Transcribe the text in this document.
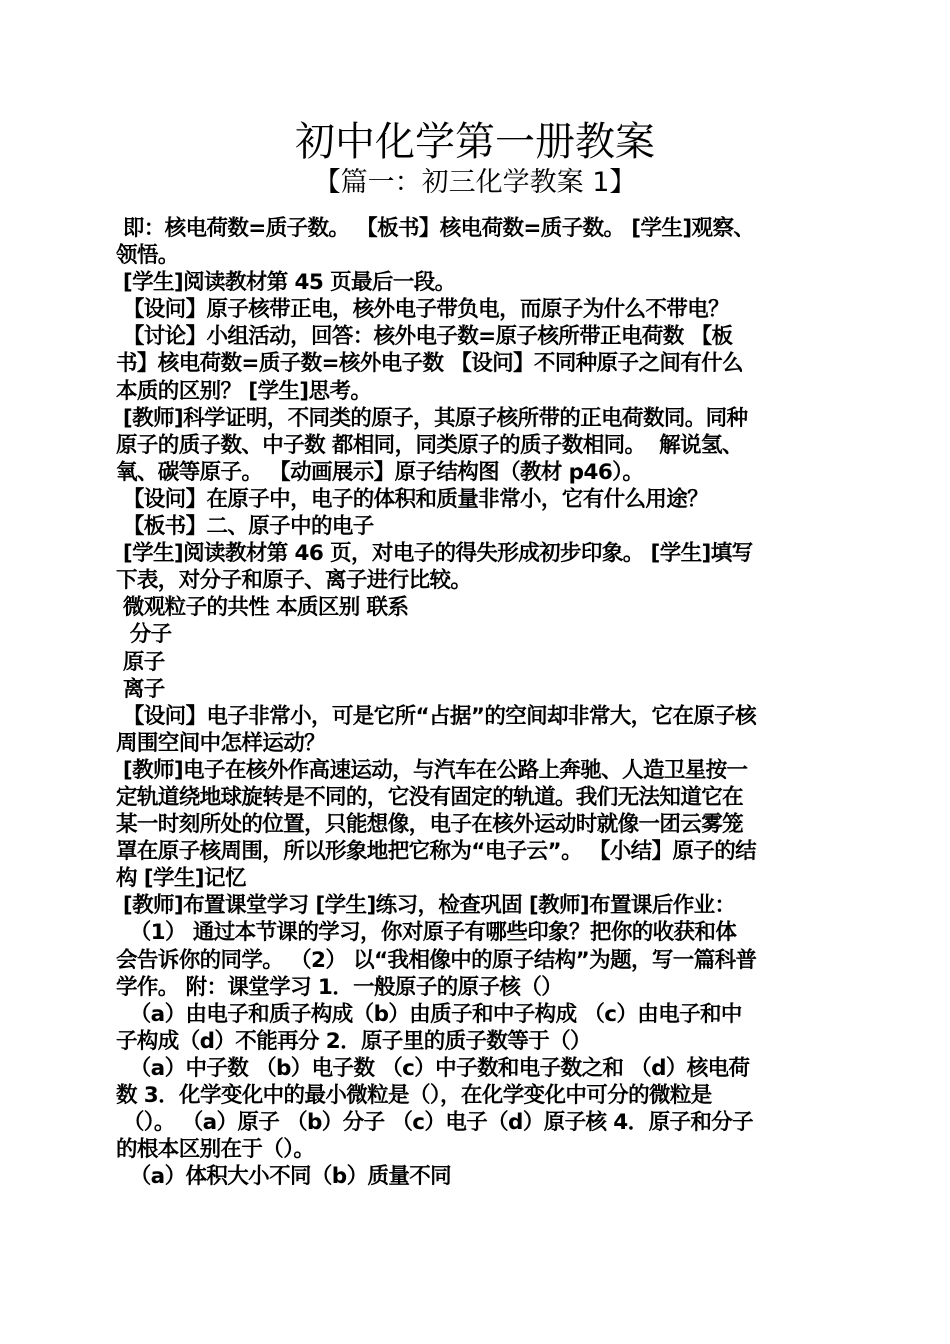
初中化学第一册教案
【篇一：初三化学教案 1】
即：核电荷数=质子数。 【板书】核电荷数=质子数。 [学生]观察、
领悟。
[学生]阅读教材第 45 页最后一段。
【设问】原子核带正电，核外电子带负电，而原子为什么不带电？
【讨论】小组活动，回答：核外电子数=原子核所带正电荷数 【板
书】核电荷数=质子数=核外电子数 【设问】不同种原子之间有什么
本质的区别？ [学生]思考。
[教师]科学证明，不同类的原子，其原子核所带的正电荷数同。同种
原子的质子数、中子数 都相同，同类原子的质子数相同。  解说氢、
氧、碳等原子。 【动画展示】原子结构图（教材 p46）。
【设问】在原子中，电子的体积和质量非常小，它有什么用途？
【板书】二、原子中的电子
[学生]阅读教材第 46 页，对电子的得失形成初步印象。 [学生]填写
下表，对分子和原子、离子进行比较。
微观粒子的共性 本质区别 联系
分子
原子
离子
【设问】电子非常小，可是它所“占据”的空间却非常大，它在原子核
周围空间中怎样运动？
[教师]电子在核外作高速运动，与汽车在公路上奔驰、人造卫星按一
定轨道绕地球旋转是不同的，它没有固定的轨道。我们无法知道它在
某一时刻所处的位置，只能想像，电子在核外运动时就像一团云雾笼
罩在原子核周围，所以形象地把它称为“电子云”。 【小结】原子的结
构 [学生]记忆
[教师]布置课堂学习 [学生]练习，检查巩固 [教师]布置课后作业：
（1） 通过本节课的学习，你对原子有哪些印象？把你的收获和体
会告诉你的同学。 （2） 以“我相像中的原子结构”为题，写一篇科普
学作。 附：课堂学习 1．一般原子的原子核（）
（a）由电子和质子构成（b）由质子和中子构成 （c）由电子和中
子构成（d）不能再分 2．原子里的质子数等于（）
（a）中子数 （b）电子数 （c）中子数和电子数之和 （d）核电荷
数 3．化学变化中的最小微粒是（），在化学变化中可分的微粒是
（）。 （a）原子 （b）分子 （c）电子（d）原子核 4．原子和分子
的根本区别在于（）。
（a）体积大小不同（b）质量不同
